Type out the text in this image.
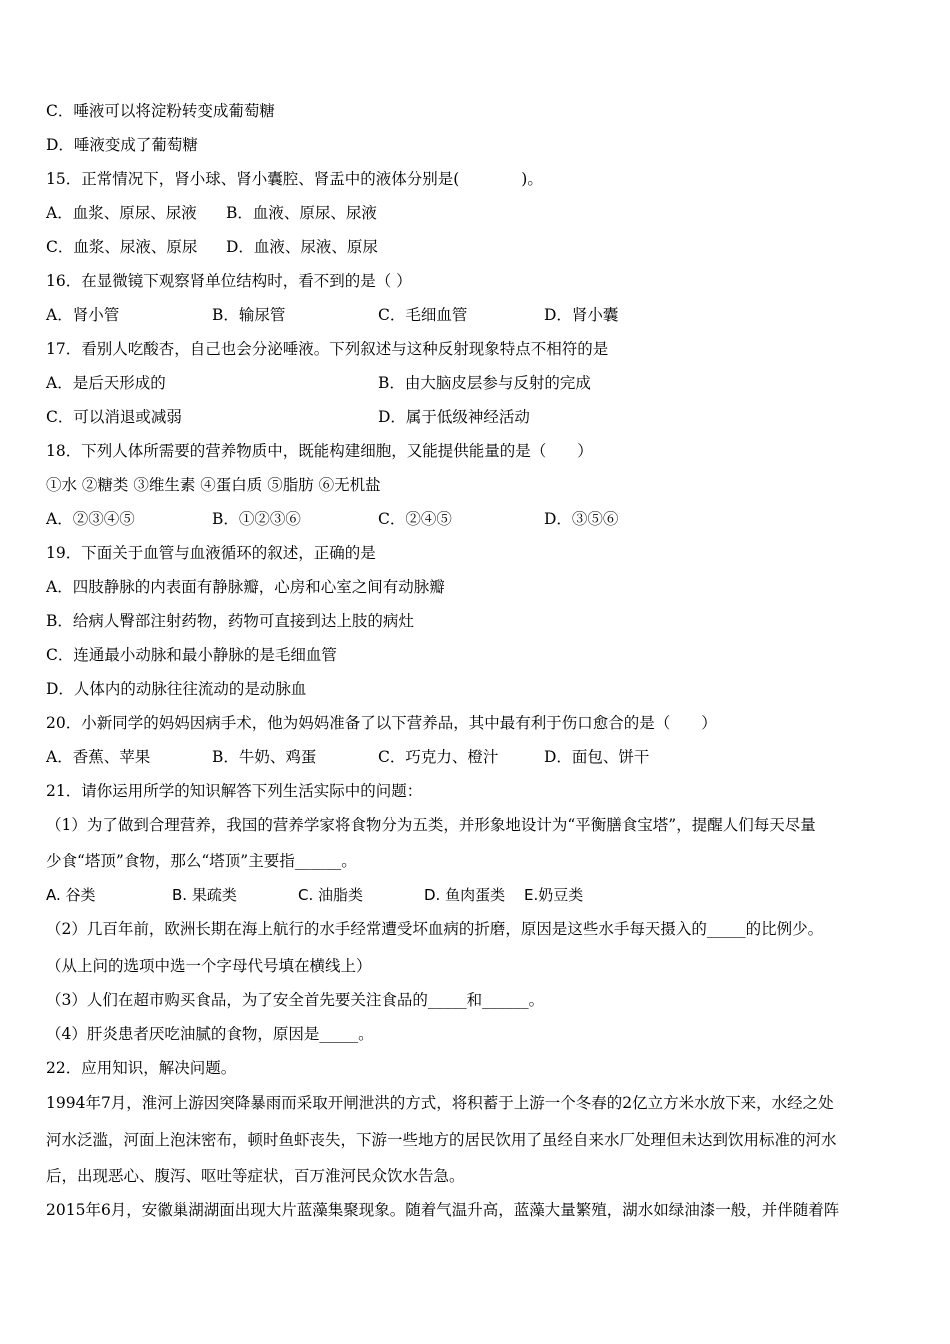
C．唾液可以将淀粉转变成葡萄糖
D．唾液变成了葡萄糖
15．正常情况下，肾小球、肾小囊腔、肾盂中的液体分别是(　　　　)。
A．血浆、原尿、尿液 B．血液、原尿、尿液
C．血浆、尿液、原尿 D．血液、尿液、原尿
16．在显微镜下观察肾单位结构时，看不到的是（ ）
A．肾小管	B．输尿管	C．毛细血管	D．肾小囊
17．看别人吃酸杏，自己也会分泌唾液。下列叙述与这种反射现象特点不相符的是
A．是后天形成的	B．由大脑皮层参与反射的完成
C．可以消退或减弱	D．属于低级神经活动
18．下列人体所需要的营养物质中，既能构建细胞，又能提供能量的是（　　）
①水 ②糖类 ③维生素 ④蛋白质 ⑤脂肪 ⑥无机盐
A．②③④⑤	B．①②③⑥	C．②④⑤	D．③⑤⑥
19．下面关于血管与血液循环的叙述，正确的是
A．四肢静脉的内表面有静脉瓣，心房和心室之间有动脉瓣
B．给病人臀部注射药物，药物可直接到达上肢的病灶
C．连通最小动脉和最小静脉的是毛细血管
D．人体内的动脉往往流动的是动脉血
20．小新同学的妈妈因病手术，他为妈妈准备了以下营养品，其中最有利于伤口愈合的是（　　）
A．香蕉、苹果	B．牛奶、鸡蛋	C．巧克力、橙汁	D．面包、饼干
21．请你运用所学的知识解答下列生活实际中的问题：
（1）为了做到合理营养，我国的营养学家将食物分为五类，并形象地设计为“平衡膳食宝塔”，提醒人们每天尽量
少食“塔顶”食物，那么“塔顶”主要指______。
A. 谷类	B. 果疏类	C. 油脂类	D. 鱼肉蛋类 E.奶豆类
（2）几百年前，欧洲长期在海上航行的水手经常遭受坏血病的折磨，原因是这些水手每天摄入的_____的比例少。
（从上问的选项中选一个字母代号填在横线上）
（3）人们在超市购买食品，为了安全首先要关注食品的_____和______。
（4）肝炎患者厌吃油腻的食物，原因是_____。
22．应用知识，解决问题。
1994年7月，淮河上游因突降暴雨而采取开闸泄洪的方式，将积蓄于上游一个冬春的2亿立方米水放下来，水经之处
河水泛滥，河面上泡沫密布，顿时鱼虾丧失，下游一些地方的居民饮用了虽经自来水厂处理但未达到饮用标准的河水
后，出现恶心、腹泻、呕吐等症状，百万淮河民众饮水告急。
2015年6月，安徽巢湖湖面出现大片蓝藻集聚现象。随着气温升高，蓝藻大量繁殖，湖水如绿油漆一般，并伴随着阵
